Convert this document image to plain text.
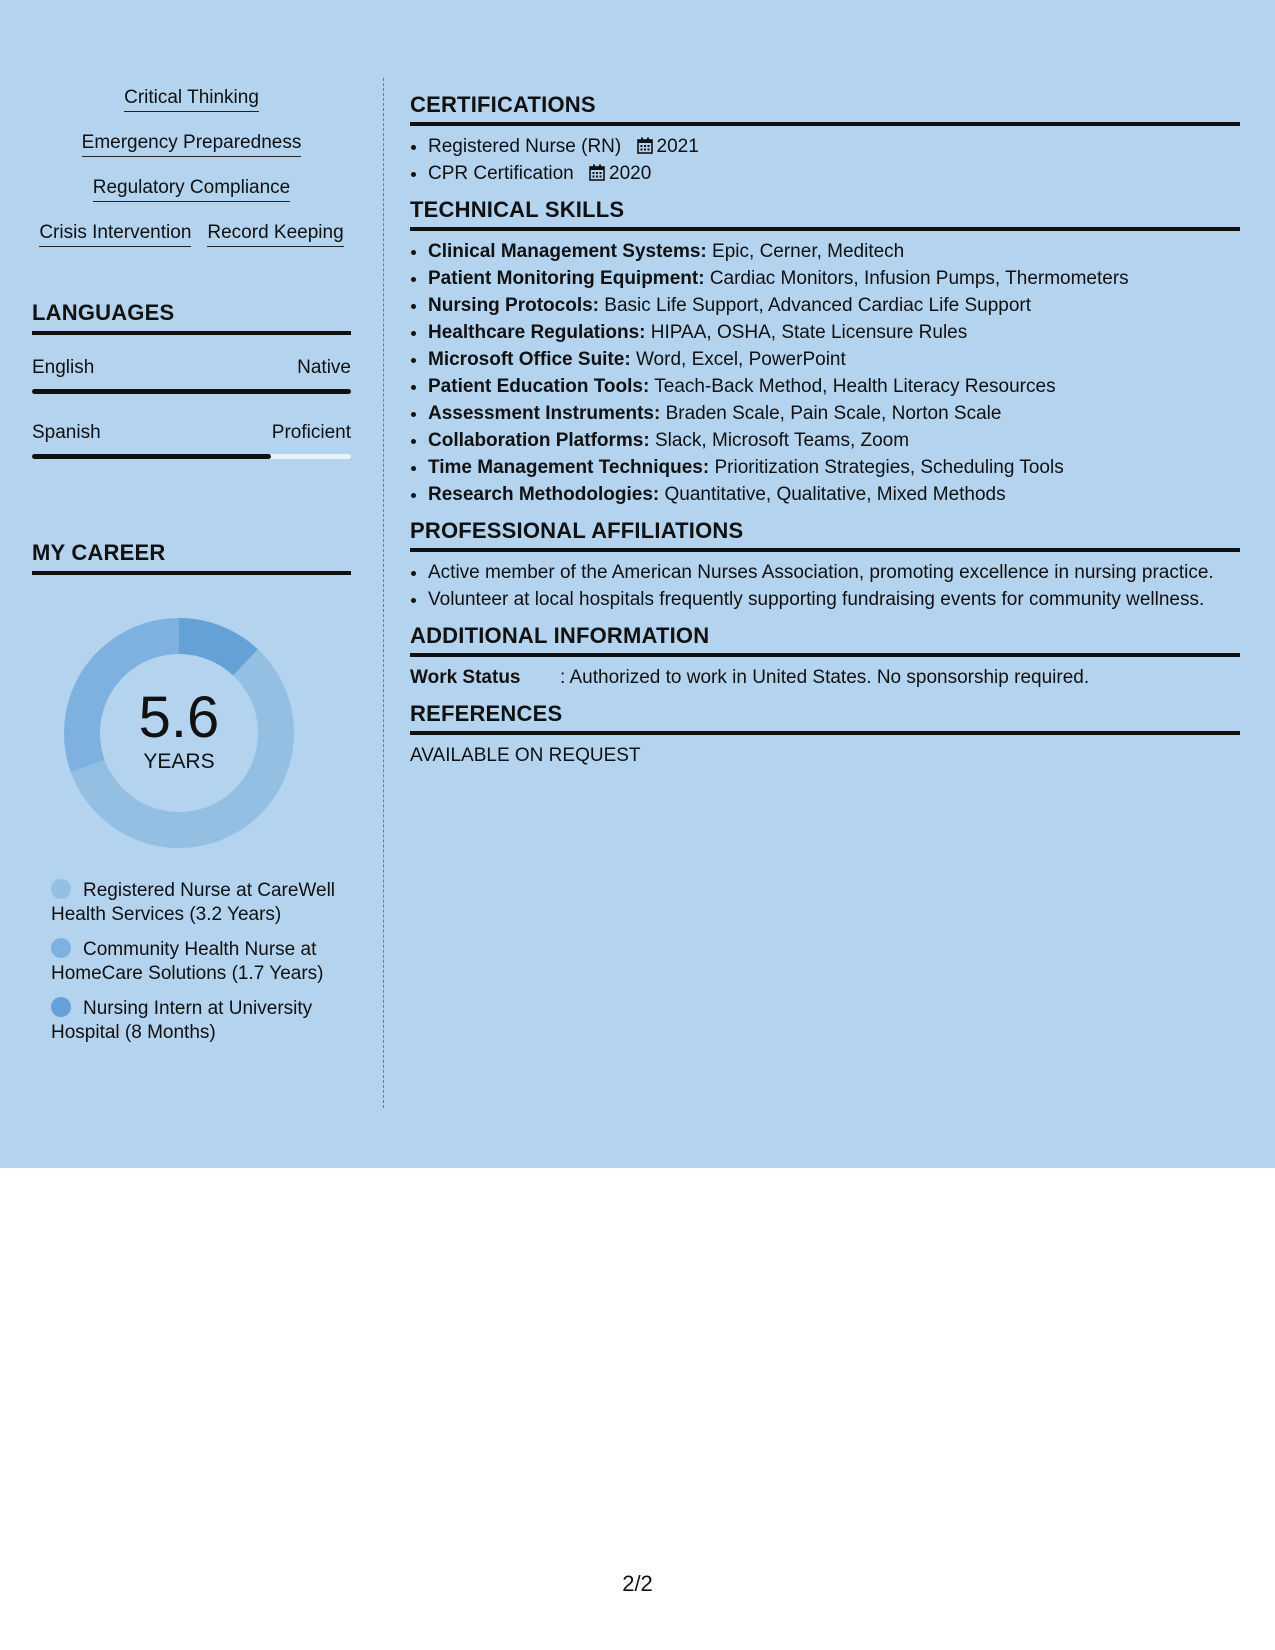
Critical Thinking
Emergency Preparedness
Regulatory Compliance
Crisis Intervention Record Keeping
LANGUAGES
English	Native
Spanish	Proficient
MY CAREER
5.6
YEARS
Registered Nurse at CareWell Health Services (3.2 Years)
Community Health Nurse at HomeCare Solutions (1.7 Years)
Nursing Intern at University Hospital (8 Months)
CERTIFICATIONS
• Registered Nurse (RN) 2021
• CPR Certification 2020
TECHNICAL SKILLS
• Clinical Management Systems: Epic, Cerner, Meditech
• Patient Monitoring Equipment: Cardiac Monitors, Infusion Pumps, Thermometers
• Nursing Protocols: Basic Life Support, Advanced Cardiac Life Support
• Healthcare Regulations: HIPAA, OSHA, State Licensure Rules
• Microsoft Office Suite: Word, Excel, PowerPoint
• Patient Education Tools: Teach-Back Method, Health Literacy Resources
• Assessment Instruments: Braden Scale, Pain Scale, Norton Scale
• Collaboration Platforms: Slack, Microsoft Teams, Zoom
• Time Management Techniques: Prioritization Strategies, Scheduling Tools
• Research Methodologies: Quantitative, Qualitative, Mixed Methods
PROFESSIONAL AFFILIATIONS
• Active member of the American Nurses Association, promoting excellence in nursing practice.
• Volunteer at local hospitals frequently supporting fundraising events for community wellness.
ADDITIONAL INFORMATION
Work Status	: Authorized to work in United States. No sponsorship required.
REFERENCES
AVAILABLE ON REQUEST
2/2
